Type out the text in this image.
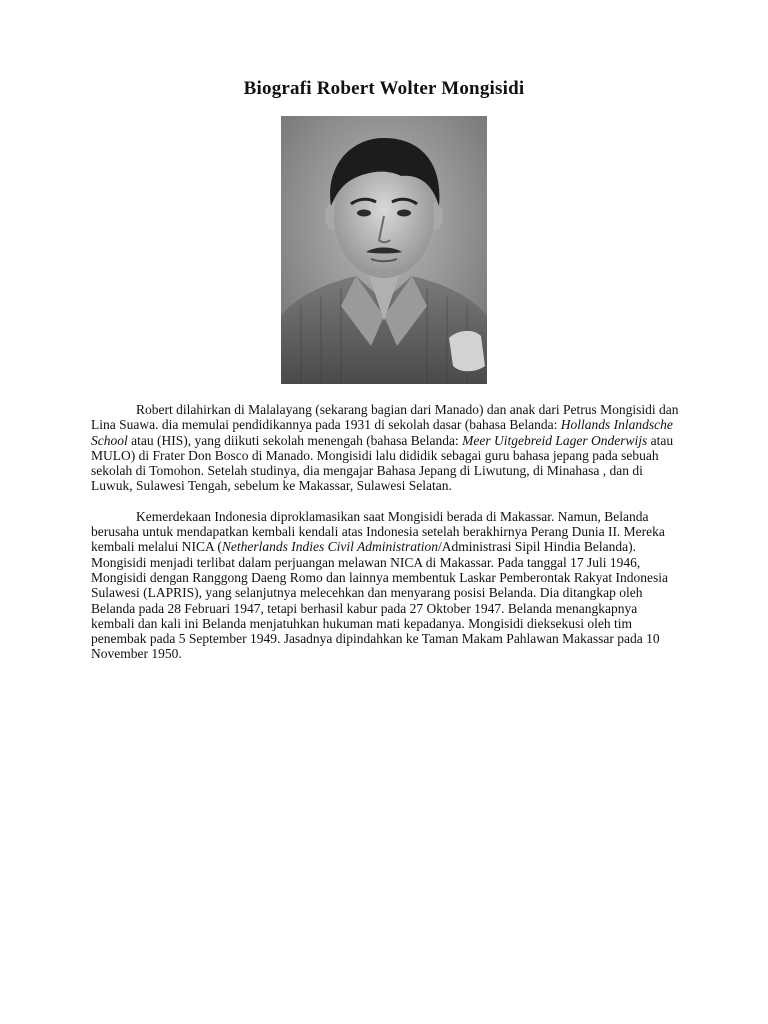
Biografi Robert Wolter Mongisidi

Robert dilahirkan di Malalayang (sekarang bagian dari Manado) dan anak dari Petrus Mongisidi dan Lina Suawa. dia memulai pendidikannya pada 1931 di sekolah dasar (bahasa Belanda: Hollands Inlandsche School atau (HIS), yang diikuti sekolah menengah (bahasa Belanda: Meer Uitgebreid Lager Onderwijs atau MULO) di Frater Don Bosco di Manado. Mongisidi lalu dididik sebagai guru bahasa jepang pada sebuah sekolah di Tomohon. Setelah studinya, dia mengajar Bahasa Jepang di Liwutung, di Minahasa , dan di Luwuk, Sulawesi Tengah, sebelum ke Makassar, Sulawesi Selatan.

Kemerdekaan Indonesia diproklamasikan saat Mongisidi berada di Makassar. Namun, Belanda berusaha untuk mendapatkan kembali kendali atas Indonesia setelah berakhirnya Perang Dunia II. Mereka kembali melalui NICA (Netherlands Indies Civil Administration/Administrasi Sipil Hindia Belanda). Mongisidi menjadi terlibat dalam perjuangan melawan NICA di Makassar. Pada tanggal 17 Juli 1946, Mongisidi dengan Ranggong Daeng Romo dan lainnya membentuk Laskar Pemberontak Rakyat Indonesia Sulawesi (LAPRIS), yang selanjutnya melecehkan dan menyarang posisi Belanda. Dia ditangkap oleh Belanda pada 28 Februari 1947, tetapi berhasil kabur pada 27 Oktober 1947. Belanda menangkapnya kembali dan kali ini Belanda menjatuhkan hukuman mati kepadanya. Mongisidi dieksekusi oleh tim penembak pada 5 September 1949. Jasadnya dipindahkan ke Taman Makam Pahlawan Makassar pada 10 November 1950.
